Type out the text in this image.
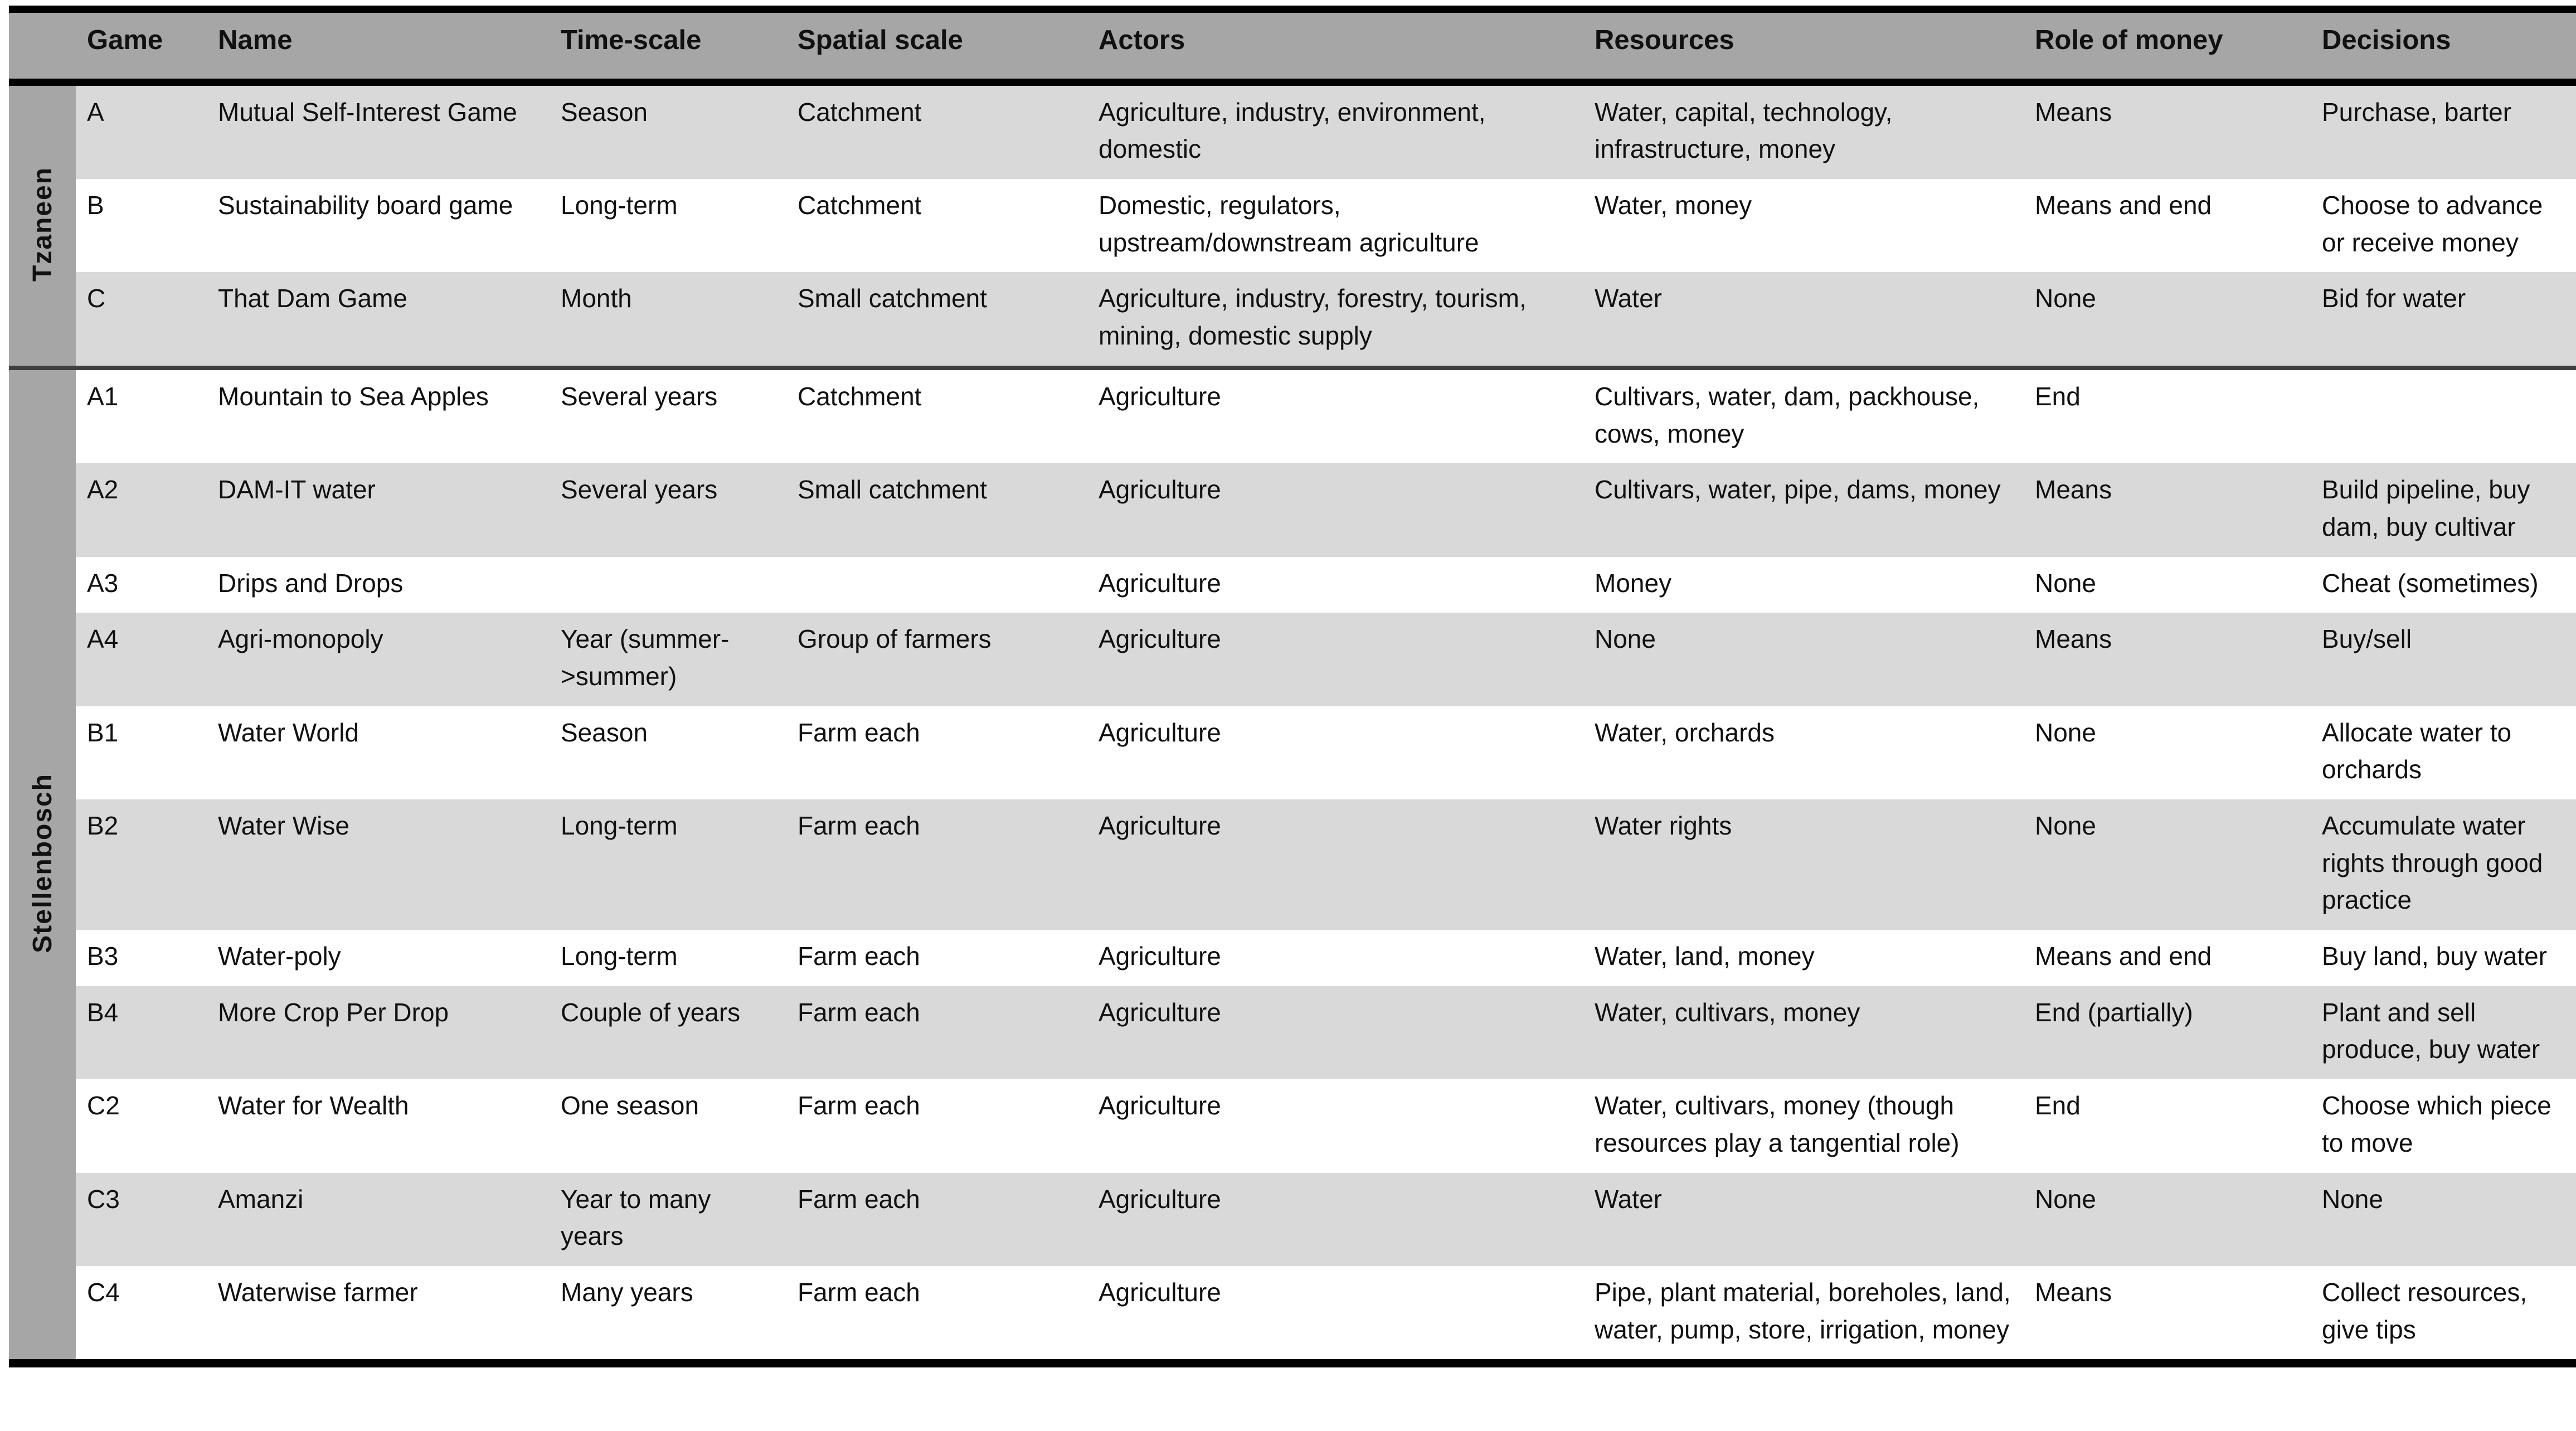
	Game	Name	Time-scale	Spatial scale	Actors	Resources	Role of money	Decisions
Tzaneen	A	Mutual Self-Interest Game	Season	Catchment	Agriculture, industry, environment, domestic	Water, capital, technology, infrastructure, money	Means	Purchase, barter
	B	Sustainability board game	Long-term	Catchment	Domestic, regulators, upstream/downstream agriculture	Water, money	Means and end	Choose to advance or receive money
	C	That Dam Game	Month	Small catchment	Agriculture, industry, forestry, tourism, mining, domestic supply	Water	None	Bid for water
Stellenbosch	A1	Mountain to Sea Apples	Several years	Catchment	Agriculture	Cultivars, water, dam, packhouse, cows, money	End	
	A2	DAM-IT water	Several years	Small catchment	Agriculture	Cultivars, water, pipe, dams, money	Means	Build pipeline, buy dam, buy cultivar
	A3	Drips and Drops			Agriculture	Money	None	Cheat (sometimes)
	A4	Agri-monopoly	Year (summer->summer)	Group of farmers	Agriculture	None	Means	Buy/sell
	B1	Water World	Season	Farm each	Agriculture	Water, orchards	None	Allocate water to orchards
	B2	Water Wise	Long-term	Farm each	Agriculture	Water rights	None	Accumulate water rights through good practice
	B3	Water-poly	Long-term	Farm each	Agriculture	Water, land, money	Means and end	Buy land, buy water
	B4	More Crop Per Drop	Couple of years	Farm each	Agriculture	Water, cultivars, money	End (partially)	Plant and sell produce, buy water
	C2	Water for Wealth	One season	Farm each	Agriculture	Water, cultivars, money (though resources play a tangential role)	End	Choose which piece to move
	C3	Amanzi	Year to many years	Farm each	Agriculture	Water	None	None
	C4	Waterwise farmer	Many years	Farm each	Agriculture	Pipe, plant material, boreholes, land, water, pump, store, irrigation, money	Means	Collect resources, give tips
